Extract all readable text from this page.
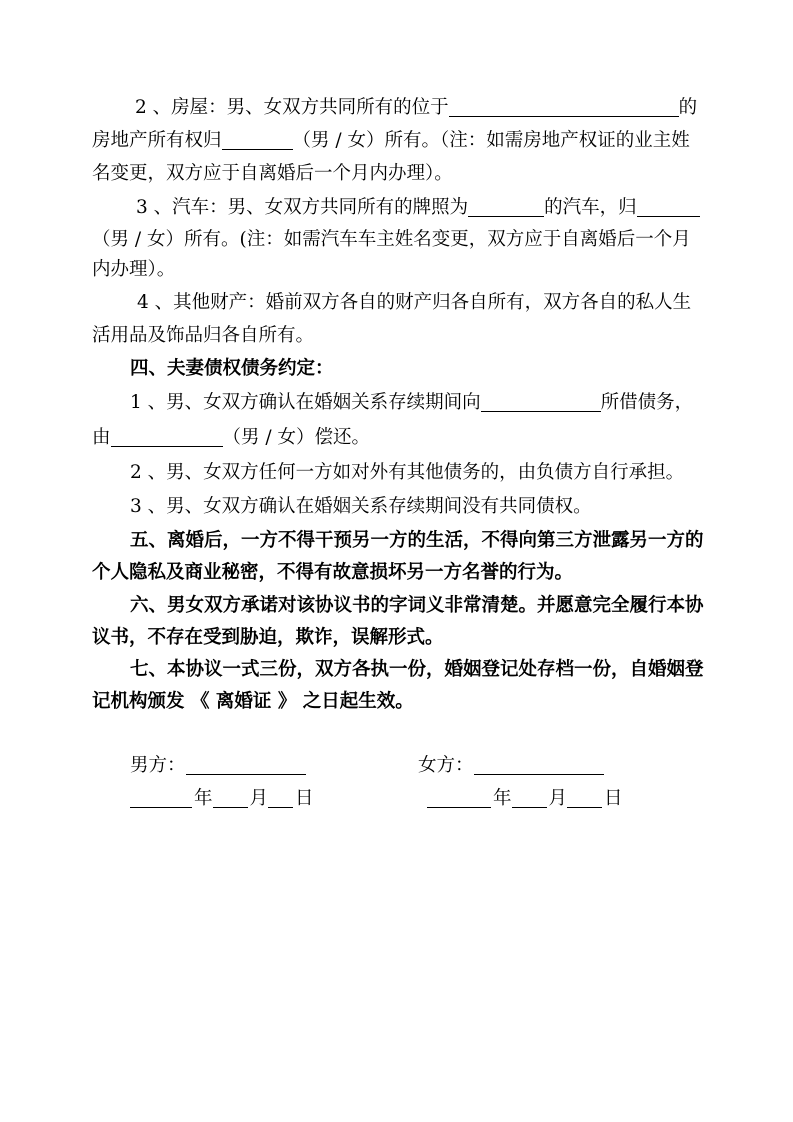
2 、房屋：男、女双方共同所有的位于	的
房地产所有权归	（男 / 女）所有。（注：如需房地产权证的业主姓
名变更，双方应于自离婚后一个月内办理）。
3 、汽车：男、女双方共同所有的牌照为	的汽车，归
（男 / 女）所有。(注：如需汽车车主姓名变更，双方应于自离婚后一个月
内办理）。
4 、其他财产：婚前双方各自的财产归各自所有，双方各自的私人生
活用品及饰品归各自所有。
四、夫妻债权债务约定：
1 、男、女双方确认在婚姻关系存续期间向	所借债务，
由	（男 / 女）偿还。
2 、男、女双方任何一方如对外有其他债务的，由负债方自行承担。
3 、男、女双方确认在婚姻关系存续期间没有共同债权。
五、离婚后，一方不得干预另一方的生活，不得向第三方泄露另一方的
个人隐私及商业秘密，不得有故意损坏另一方名誉的行为。
六、男女双方承诺对该协议书的字词义非常清楚。并愿意完全履行本协
议书，不存在受到胁迫，欺诈，误解形式。
七、本协议一式三份，双方各执一份，婚姻登记处存档一份，自婚姻登
记机构颁发 《 离婚证 》 之日起生效。
男方：	女方：
年 月 日	年 月 日
